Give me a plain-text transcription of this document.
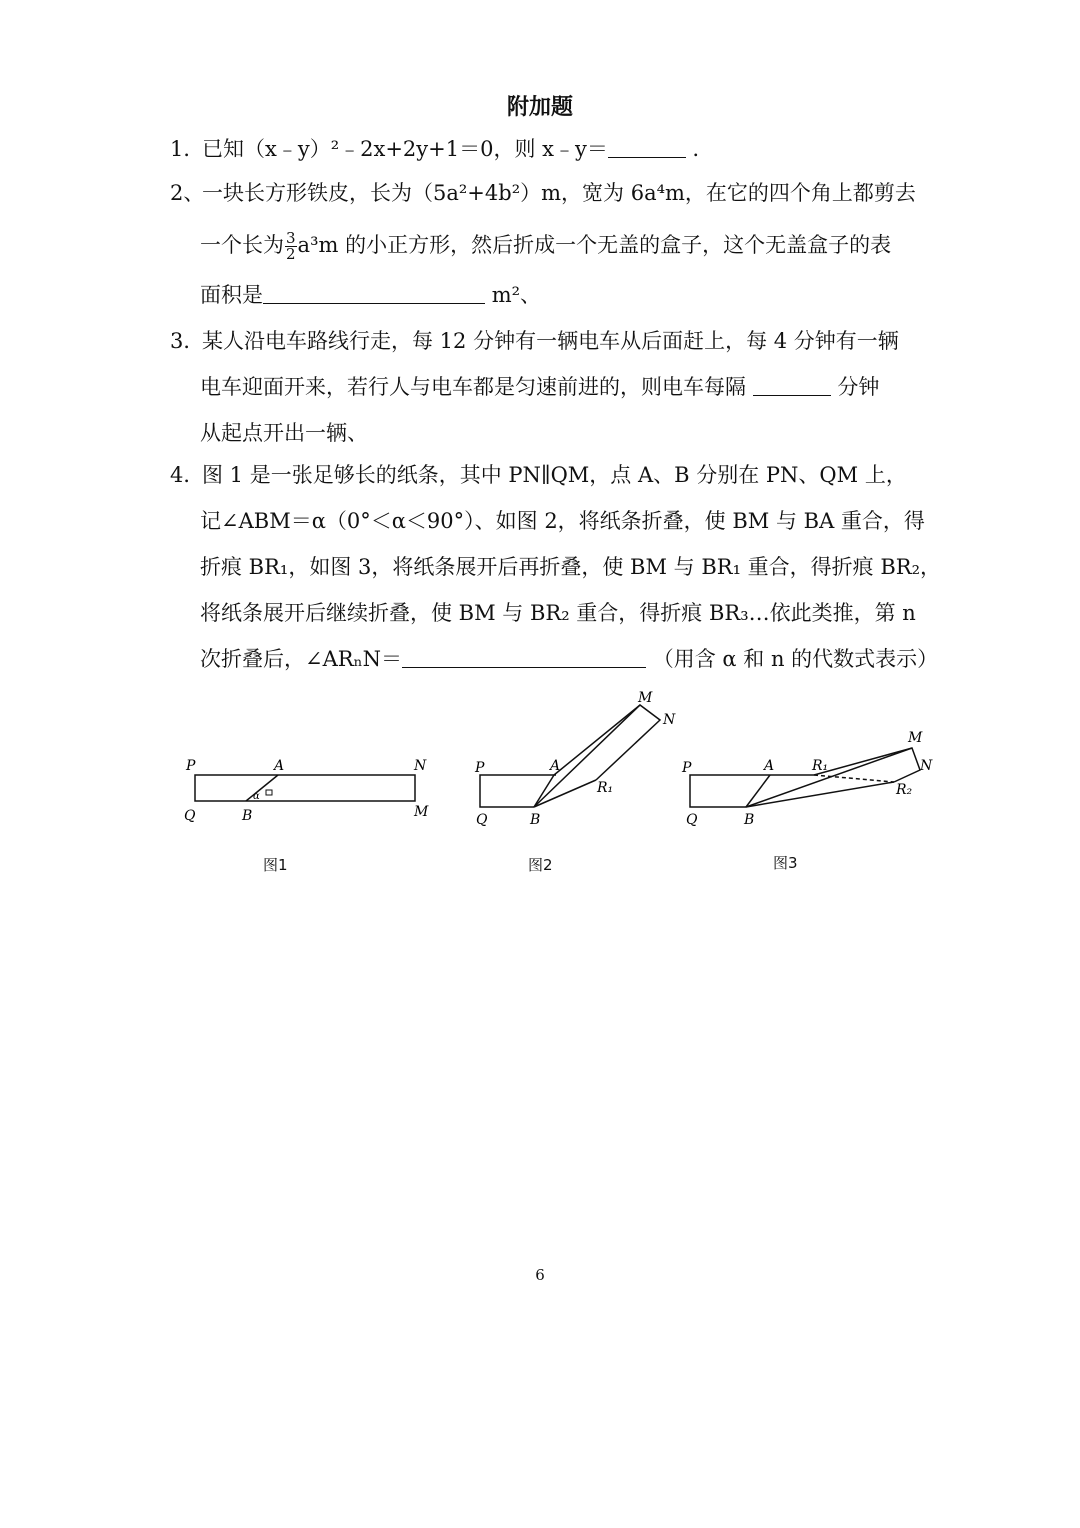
附加题
1．已知（x﹣y）²﹣2x+2y+1＝0，则 x﹣y＝	．
2、一块长方形铁皮，长为（5a²+4b²）m，宽为 6a⁴m，在它的四个角上都剪去
一个长为 $\frac{3}{2} a^3m$ 的小正方形，然后折成一个无盖的盒子，这个无盖盒子的表
面积是	m²、
3．某人沿电车路线行走，每 12 分钟有一辆电车从后面赶上，每 4 分钟有一辆
电车迎面开来，若行人与电车都是匀速前进的，则电车每隔	分钟
从起点开出一辆、
4．图 1 是一张足够长的纸条，其中 PN∥QM，点 A、B 分别在 PN、QM 上，
记∠ABM＝α（0°＜α＜90°）、如图 2，将纸条折叠，使 BM 与 BA 重合，得
折痕 BR₁，如图 3，将纸条展开后再折叠，使 BM 与 BR₁ 重合，得折痕 BR₂，
将纸条展开后继续折叠，使 BM 与 BR₂ 重合，得折痕 BR₃…依此类推，第 n
次折叠后，∠ARₙN＝	（用含 α 和 n 的代数式表示）
P	A	N
Q	B	M
α
P	A
M
N
R₁
Q	B
P	A	R₁
M
N
R₂
Q	B
图1	图2	图3
6
